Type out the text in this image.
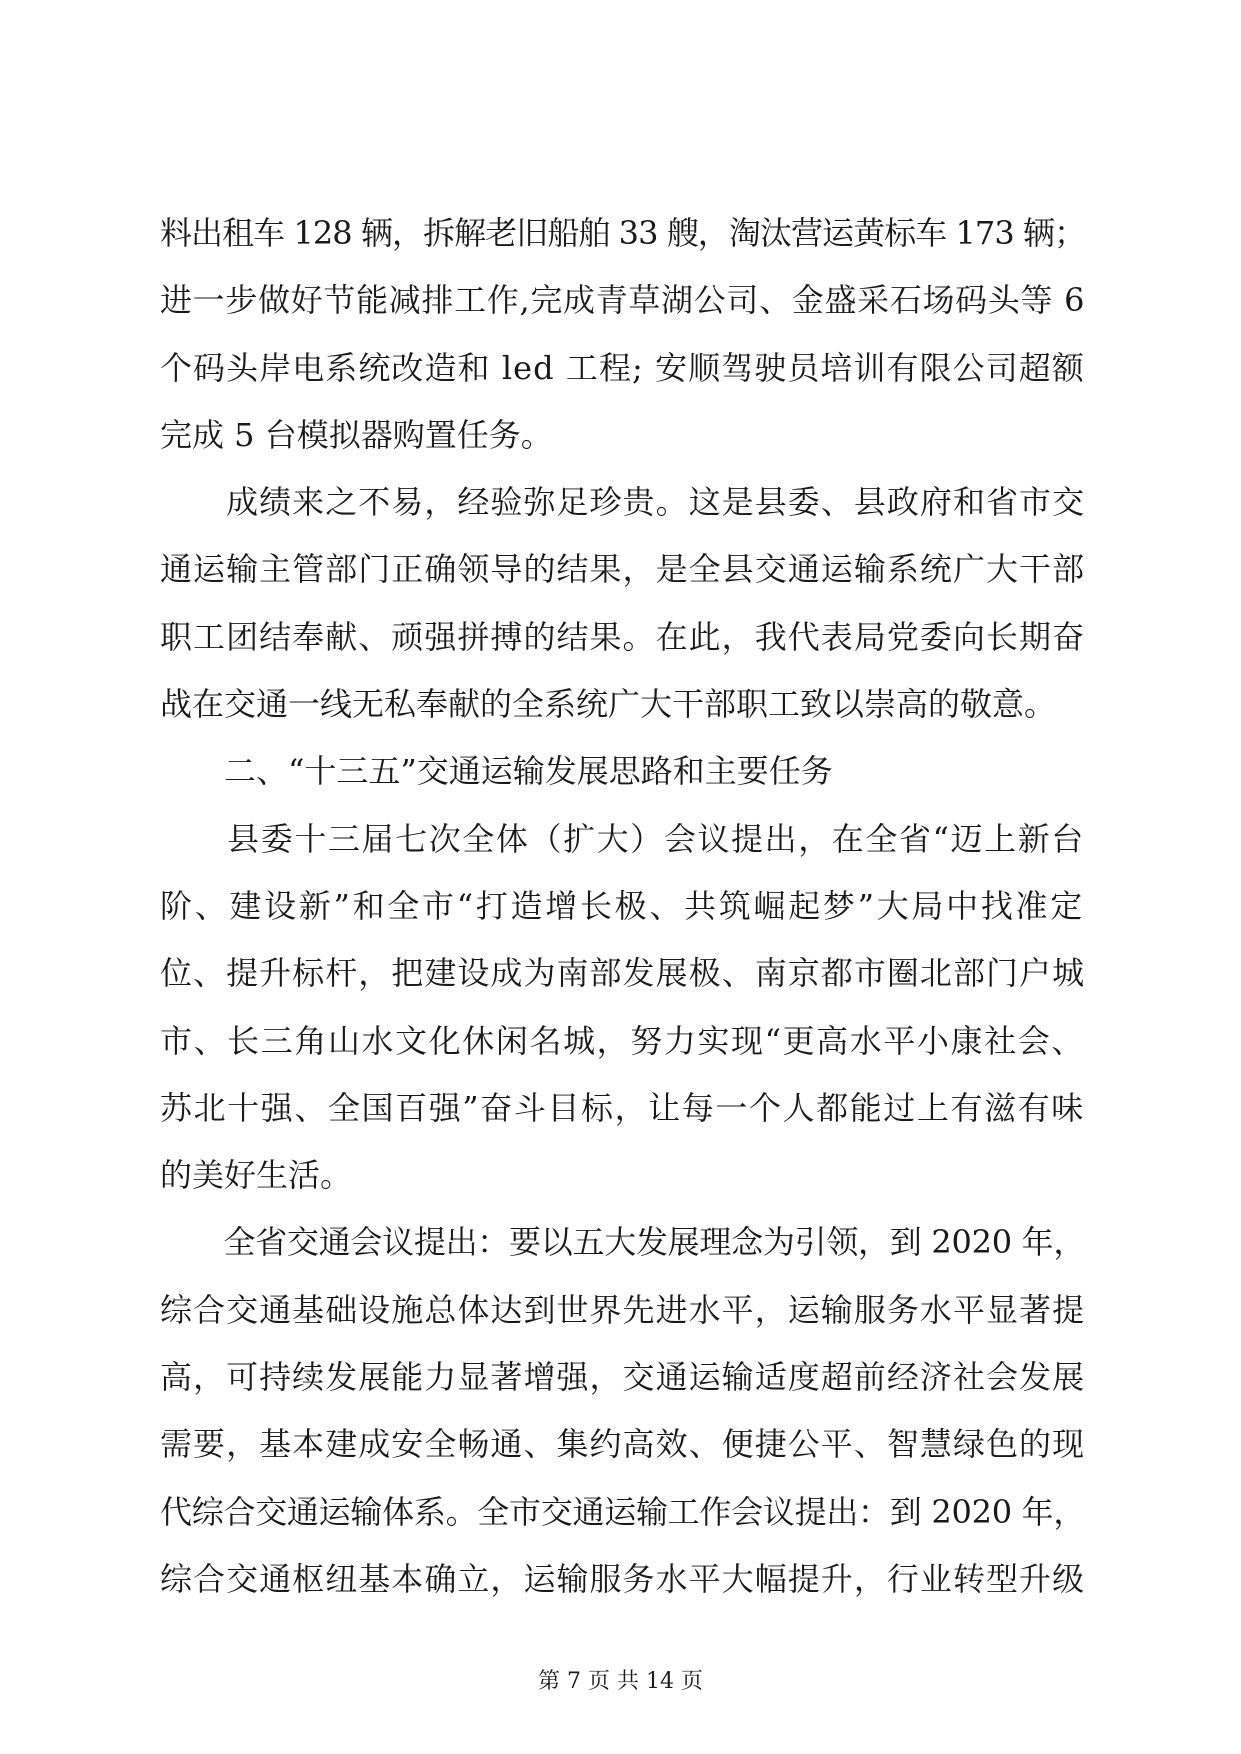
料出租车 128 辆，拆解老旧船舶 33 艘，淘汰营运黄标车 173 辆；
进一步做好节能减排工作,完成青草湖公司、金盛采石场码头等 6
个码头岸电系统改造和 led 工程; 安顺驾驶员培训有限公司超额
完成 5 台模拟器购置任务。
　　成绩来之不易，经验弥足珍贵。这是县委、县政府和省市交
通运输主管部门正确领导的结果，是全县交通运输系统广大干部
职工团结奉献、顽强拼搏的结果。在此，我代表局党委向长期奋
战在交通一线无私奉献的全系统广大干部职工致以崇高的敬意。
　　二、“十三五”交通运输发展思路和主要任务
　　县委十三届七次全体（扩大）会议提出，在全省“迈上新台
阶、建设新”和全市“打造增长极、共筑崛起梦”大局中找准定
位、提升标杆，把建设成为南部发展极、南京都市圈北部门户城
市、长三角山水文化休闲名城，努力实现“更高水平小康社会、
苏北十强、全国百强”奋斗目标，让每一个人都能过上有滋有味
的美好生活。
　　全省交通会议提出：要以五大发展理念为引领，到 2020 年，
综合交通基础设施总体达到世界先进水平，运输服务水平显著提
高，可持续发展能力显著增强，交通运输适度超前经济社会发展
需要，基本建成安全畅通、集约高效、便捷公平、智慧绿色的现
代综合交通运输体系。全市交通运输工作会议提出：到 2020 年，
综合交通枢纽基本确立，运输服务水平大幅提升，行业转型升级
第 7 页 共 14 页
